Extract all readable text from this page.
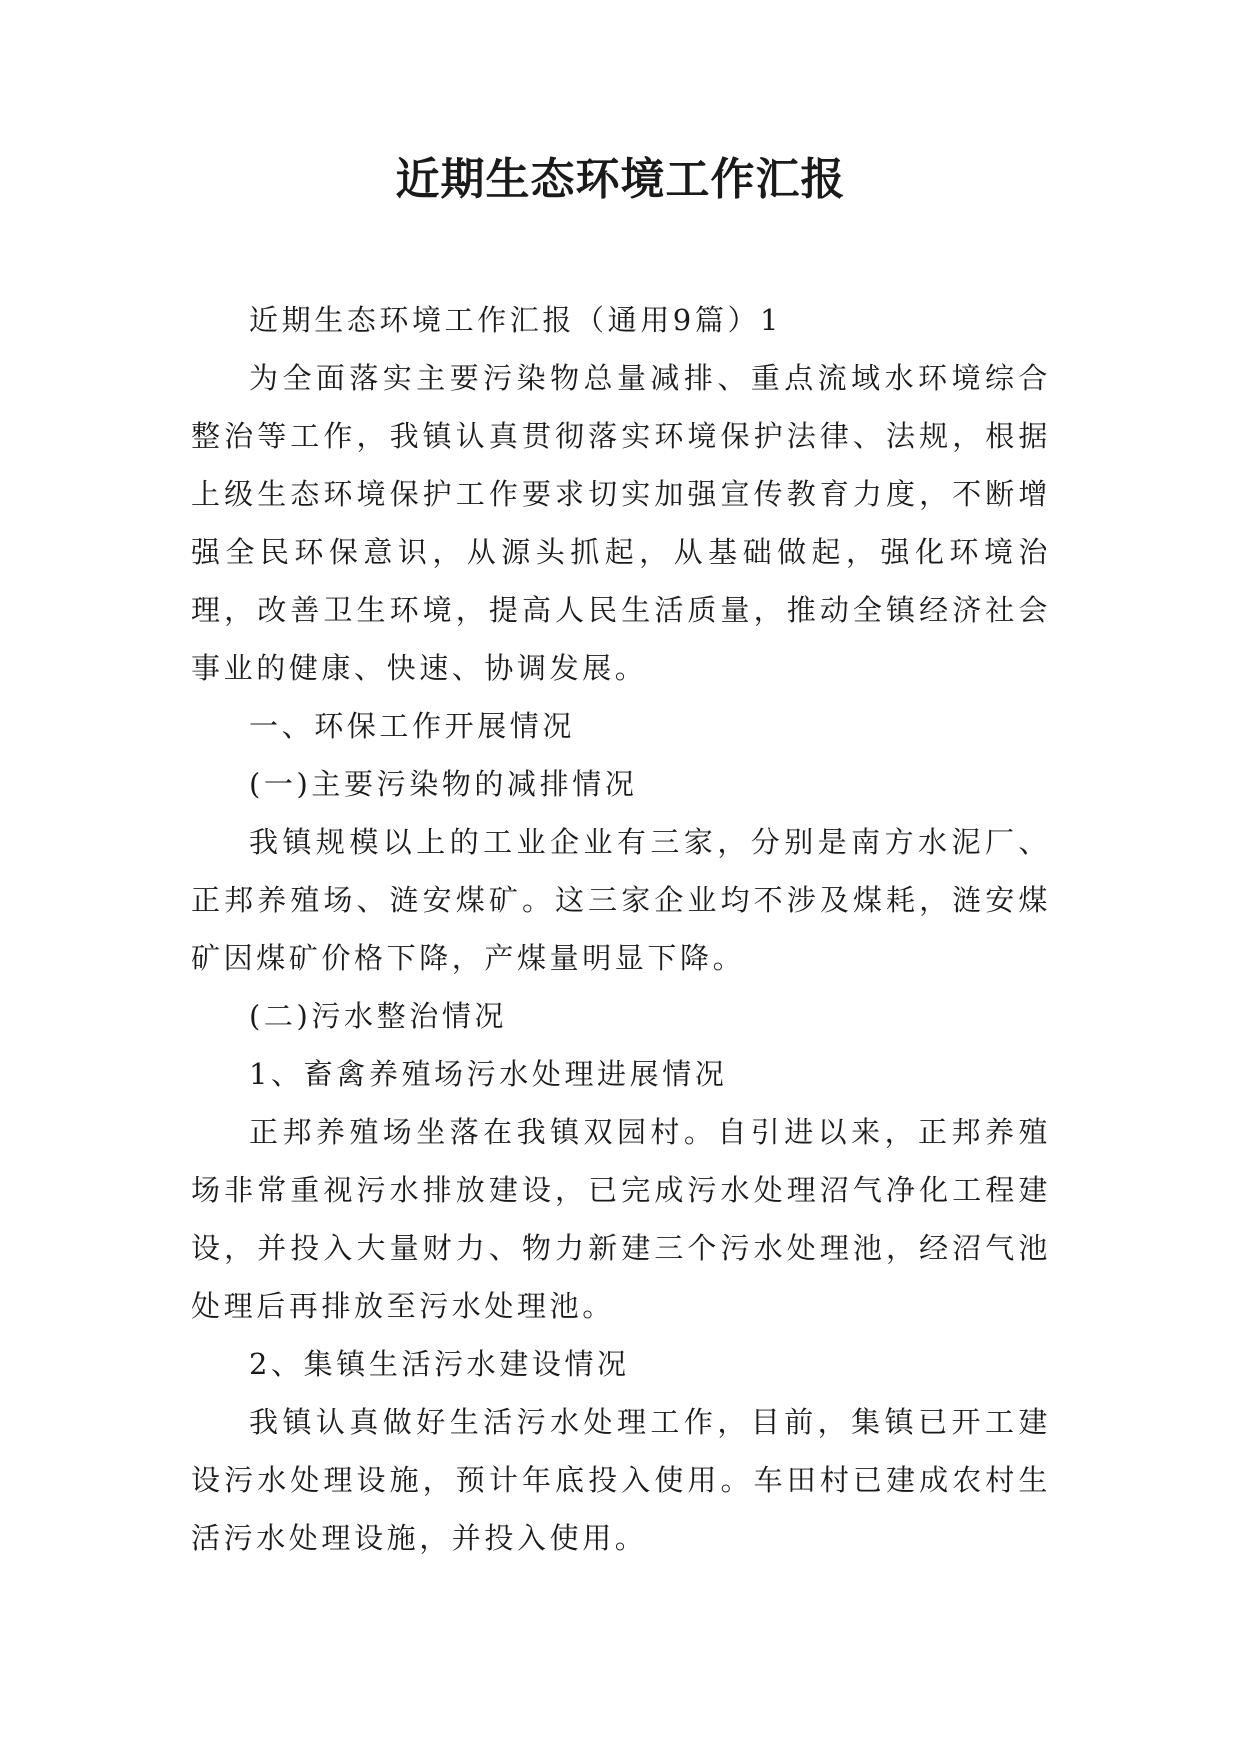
近期生态环境工作汇报

近期生态环境工作汇报（通用9篇）1

为全面落实主要污染物总量减排、重点流域水环境综合整治等工作，我镇认真贯彻落实环境保护法律、法规，根据上级生态环境保护工作要求切实加强宣传教育力度，不断增强全民环保意识，从源头抓起，从基础做起，强化环境治理，改善卫生环境，提高人民生活质量，推动全镇经济社会事业的健康、快速、协调发展。

一、环保工作开展情况

(一)主要污染物的减排情况

我镇规模以上的工业企业有三家，分别是南方水泥厂、正邦养殖场、涟安煤矿。这三家企业均不涉及煤耗，涟安煤矿因煤矿价格下降，产煤量明显下降。

(二)污水整治情况

1、畜禽养殖场污水处理进展情况

正邦养殖场坐落在我镇双园村。自引进以来，正邦养殖场非常重视污水排放建设，已完成污水处理沼气净化工程建设，并投入大量财力、物力新建三个污水处理池，经沼气池处理后再排放至污水处理池。

2、集镇生活污水建设情况

我镇认真做好生活污水处理工作，目前，集镇已开工建设污水处理设施，预计年底投入使用。车田村已建成农村生活污水处理设施，并投入使用。
